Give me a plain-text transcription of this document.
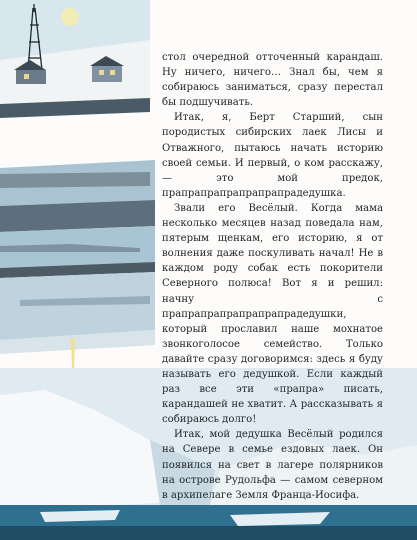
стол очередной отточенный карандаш. Ну ничего, ничего… Знал бы, чем я собираюсь заниматься, сразу перестал бы подшучивать.

Итак, я, Берт Старший, сын породистых сибирских лаек Лисы и Отважного, пытаюсь начать историю своей семьи. И первый, о ком расскажу, — это мой предок, прапрапрапрапрапрапрадедушка.

Звали его Весёлый. Когда мама несколько месяцев назад поведала нам, пятерым щенкам, его историю, я от волнения даже поскуливать начал! Не в каждом роду собак есть покорители Северного полюса! Вот я и решил: начну с прапрапрапрапрапрапрадедушки, который прославил наше мохнатое звонкоголосое семейство. Только давайте сразу договоримся: здесь я буду называть его дедушкой. Если каждый раз все эти «прапра» писать, карандашей не хватит. А рассказывать я собираюсь долго!

Итак, мой дедушка Весёлый родился на Севере в семье ездовых лаек. Он появился на свет в лагере полярников на острове Рудольфа — самом северном в архипелаге Земля Франца-Иосифа.
